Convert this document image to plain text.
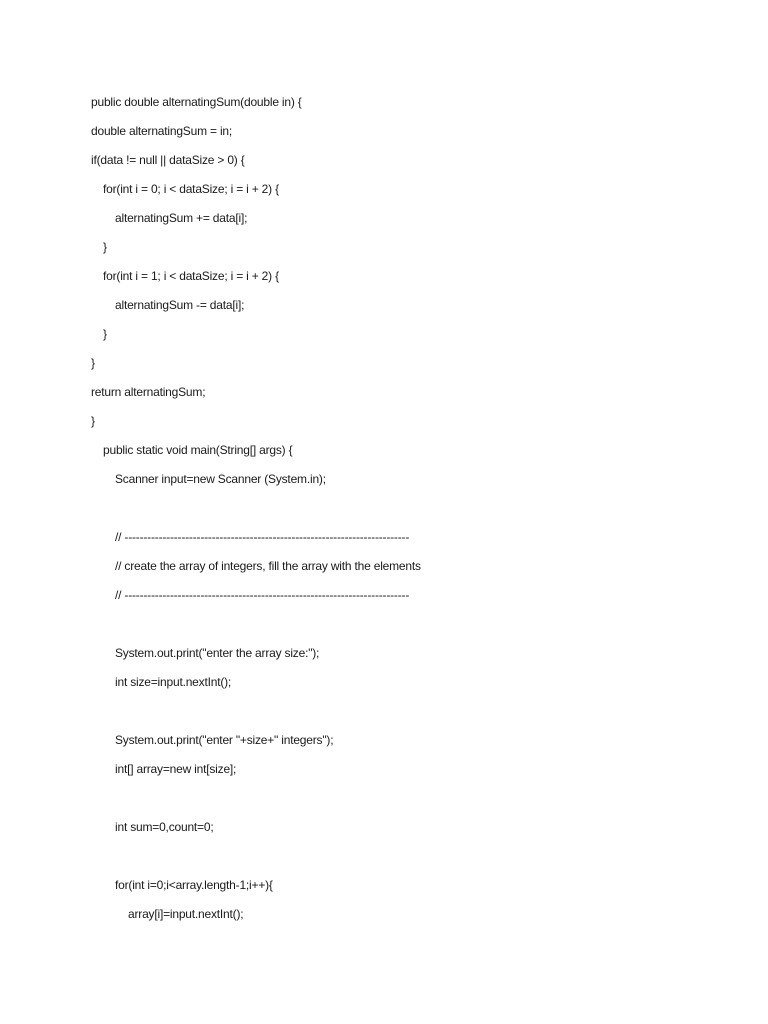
public double alternatingSum(double in) {
double alternatingSum = in;
if(data != null || dataSize > 0) {
for(int i = 0; i < dataSize; i = i + 2) {
alternatingSum += data[i];
}
for(int i = 1; i < dataSize; i = i + 2) {
alternatingSum -= data[i];
}
}
return alternatingSum;
}
public static void main(String[] args) {
Scanner input=new Scanner (System.in);
// ---------------------------------------------------------------------------
// create the array of integers, fill the array with the elements
// ---------------------------------------------------------------------------
System.out.print("enter the array size:");
int size=input.nextInt();
System.out.print("enter "+size+" integers");
int[] array=new int[size];
int sum=0,count=0;
for(int i=0;i<array.length-1;i++){
array[i]=input.nextInt();
